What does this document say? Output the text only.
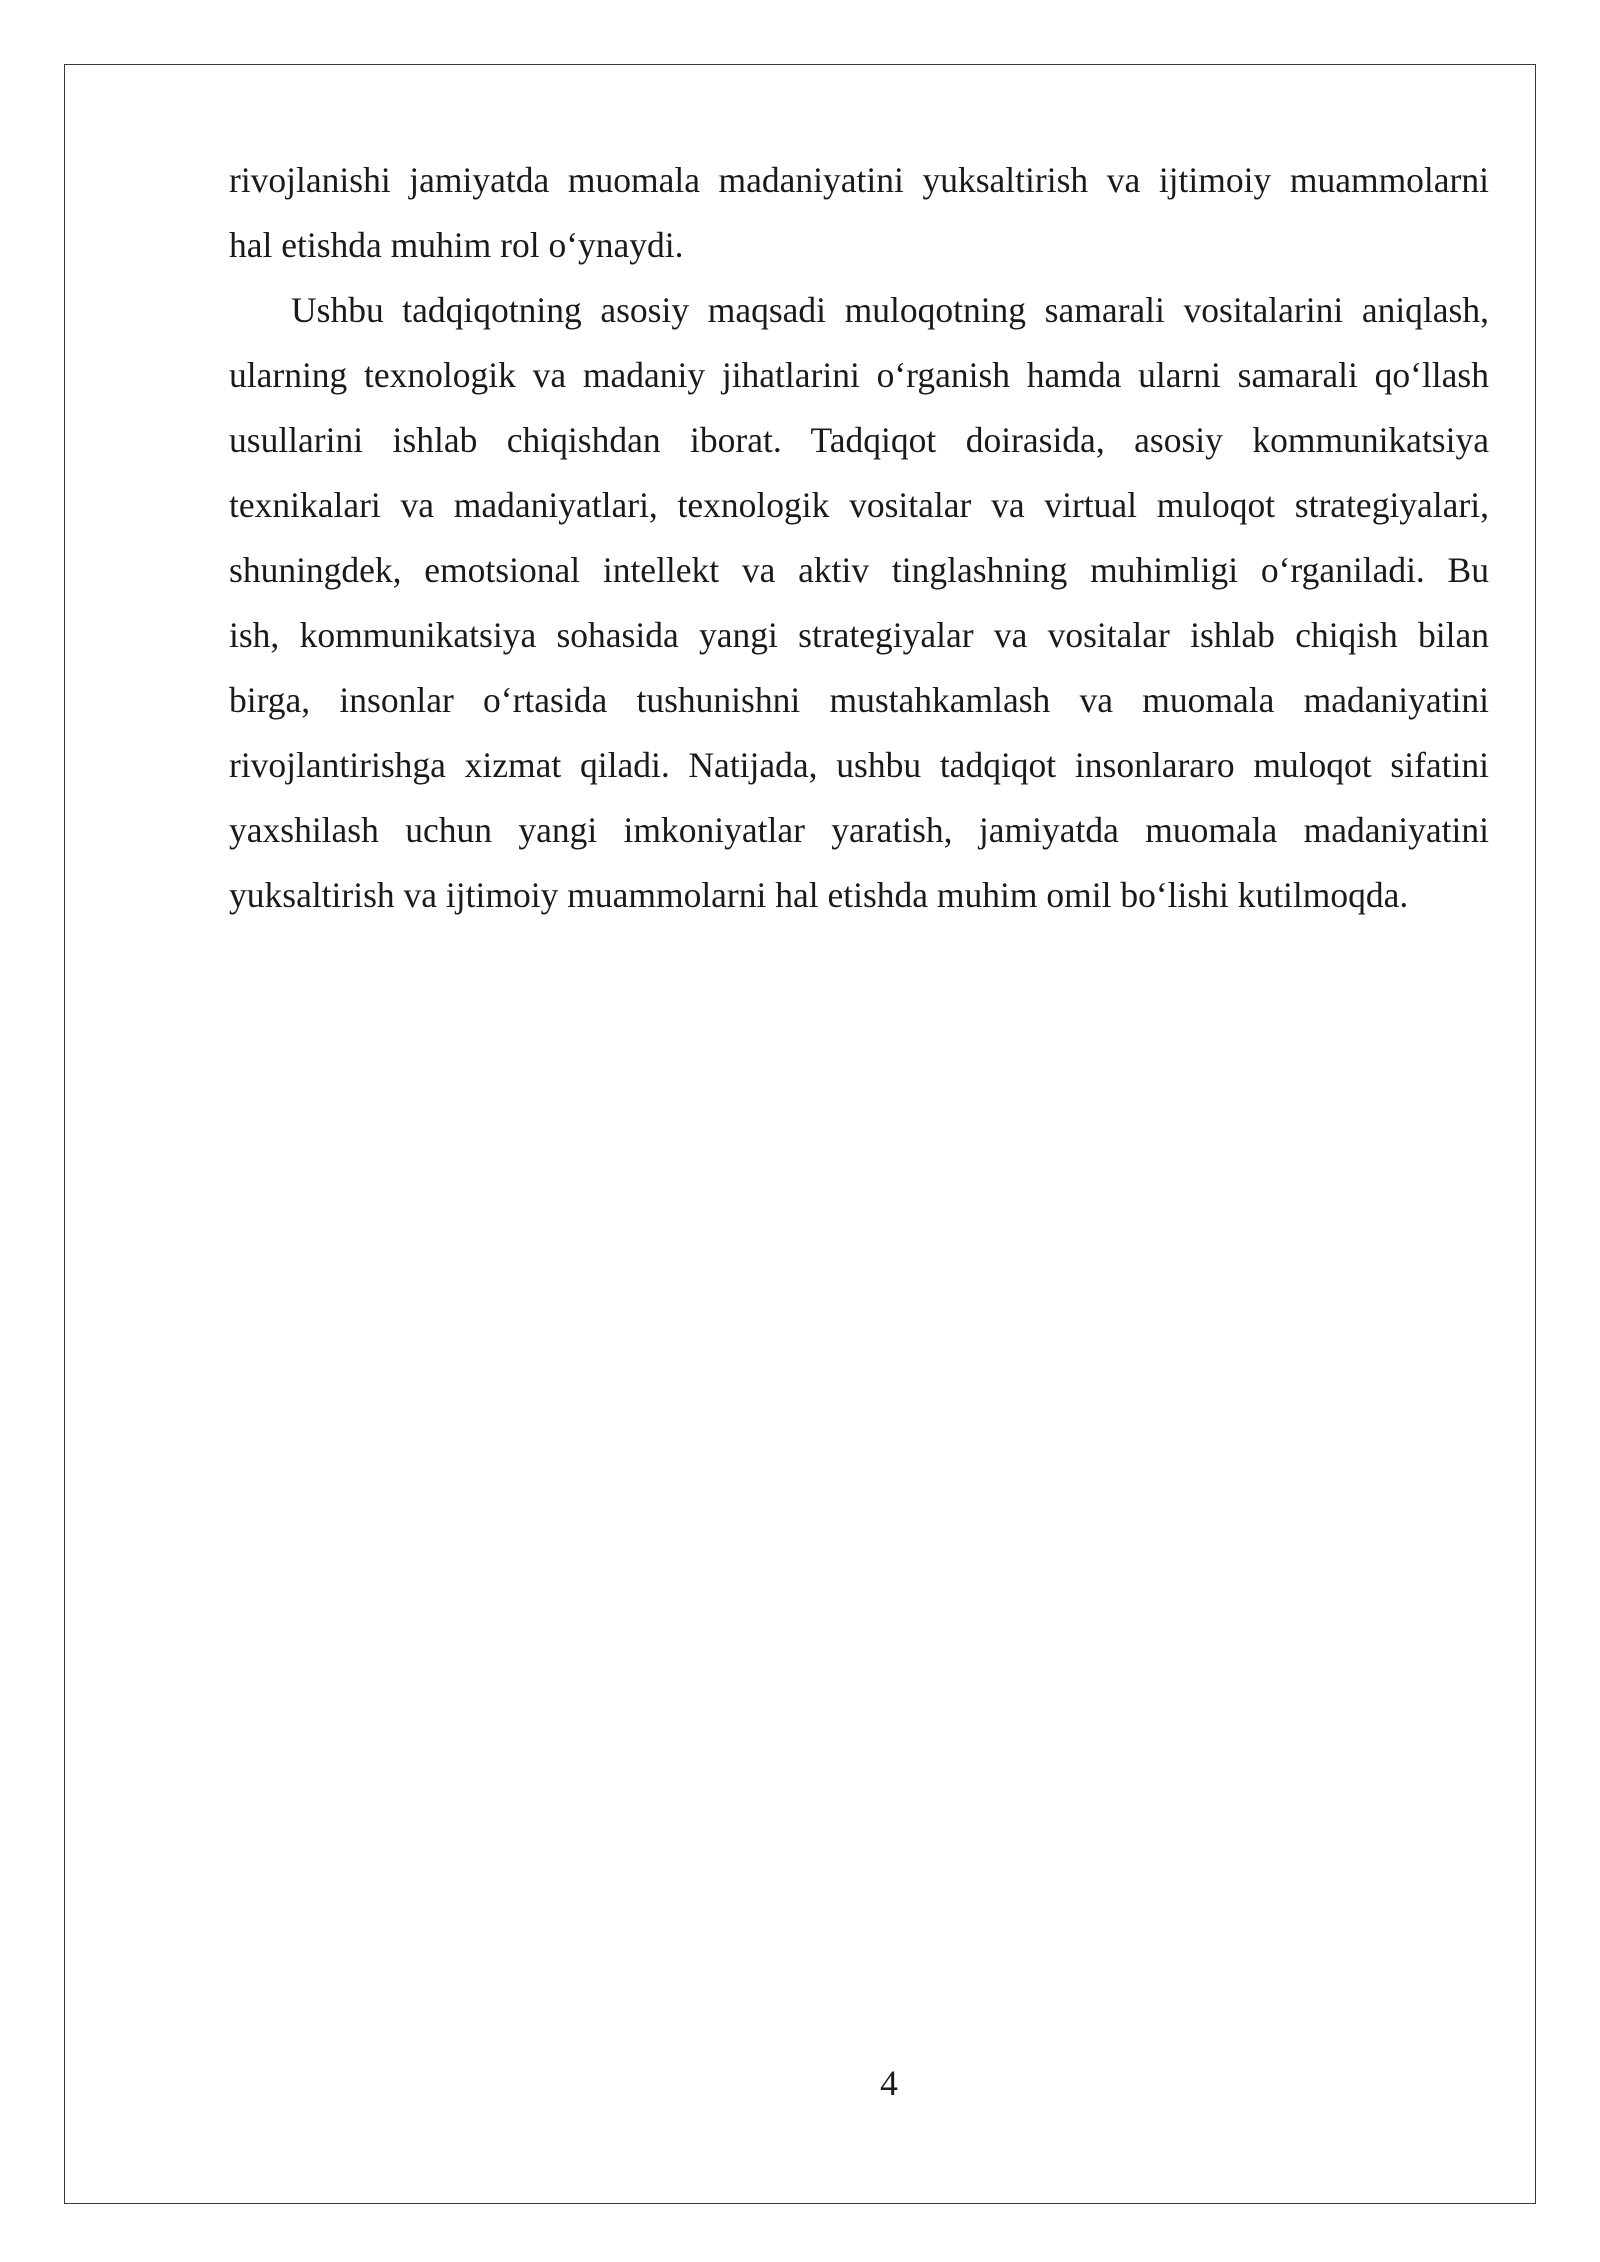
rivojlanishi jamiyatda muomala madaniyatini yuksaltirish va ijtimoiy muammolarni
hal etishda muhim rol oʻynaydi.
Ushbu tadqiqotning asosiy maqsadi muloqotning samarali vositalarini aniqlash,
ularning texnologik va madaniy jihatlarini oʻrganish hamda ularni samarali qoʻllash
usullarini ishlab chiqishdan iborat. Tadqiqot doirasida, asosiy kommunikatsiya
texnikalari va madaniyatlari, texnologik vositalar va virtual muloqot strategiyalari,
shuningdek, emotsional intellekt va aktiv tinglashning muhimligi oʻrganiladi. Bu
ish, kommunikatsiya sohasida yangi strategiyalar va vositalar ishlab chiqish bilan
birga, insonlar oʻrtasida tushunishni mustahkamlash va muomala madaniyatini
rivojlantirishga xizmat qiladi. Natijada, ushbu tadqiqot insonlararo muloqot sifatini
yaxshilash uchun yangi imkoniyatlar yaratish, jamiyatda muomala madaniyatini
yuksaltirish va ijtimoiy muammolarni hal etishda muhim omil boʻlishi kutilmoqda.
4
